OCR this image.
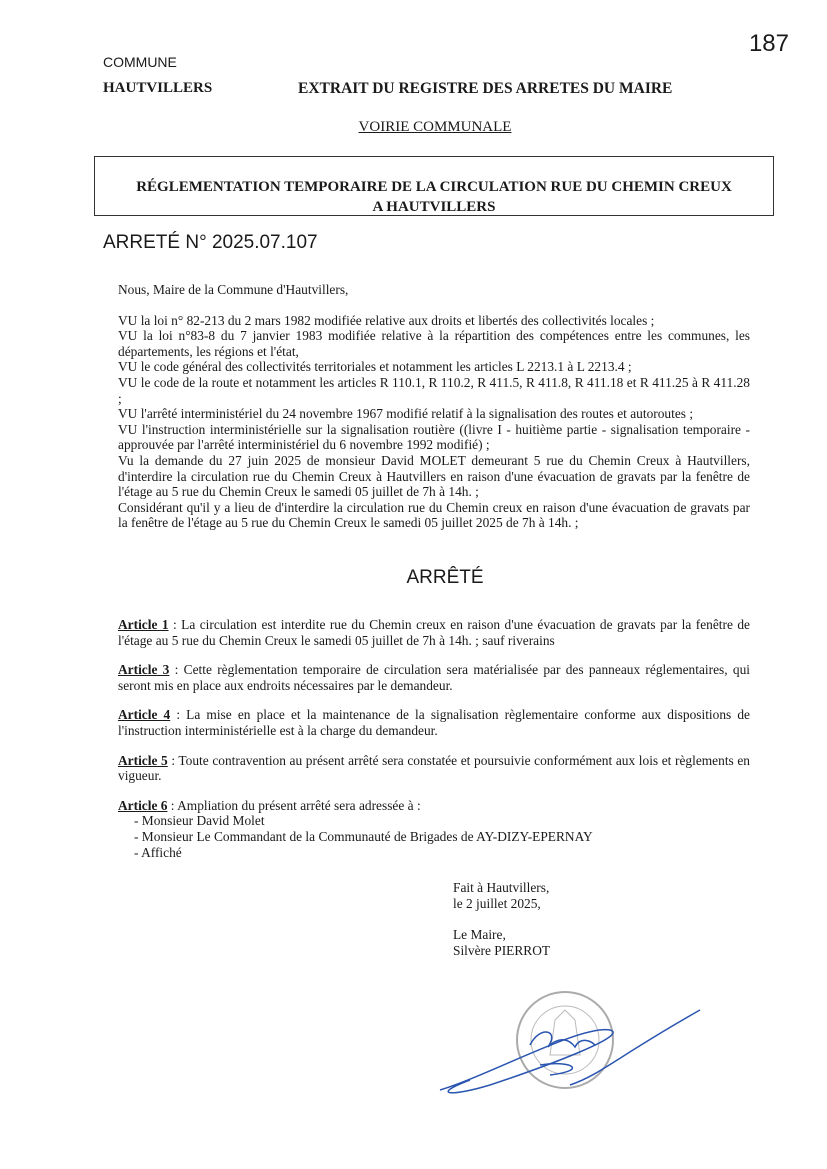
187
COMMUNE
HAUTVILLERS	EXTRAIT DU REGISTRE DES ARRETES DU MAIRE
VOIRIE COMMUNALE
RÉGLEMENTATION TEMPORAIRE DE LA CIRCULATION RUE DU CHEMIN CREUX
A HAUTVILLERS
ARRETÉ N° 2025.07.107

Nous, Maire de la Commune d'Hautvillers,

VU la loi n° 82-213 du 2 mars 1982 modifiée relative aux droits et libertés des collectivités locales ;

VU la loi n°83-8 du 7 janvier 1983 modifiée relative à la répartition des compétences entre les communes, les départements, les régions et l'état,

VU le code général des collectivités territoriales et notamment les articles L 2213.1 à L 2213.4 ;

VU le code de la route et notamment les articles R 110.1, R 110.2, R 411.5, R 411.8, R 411.18 et R 411.25 à R 411.28 ;

VU l'arrêté interministériel du 24 novembre 1967 modifié relatif à la signalisation des routes et autoroutes ;

VU l'instruction interministérielle sur la signalisation routière ((livre I - huitième partie - signalisation temporaire - approuvée par l'arrêté interministériel du 6 novembre 1992 modifié) ;

Vu la demande du 27 juin 2025 de monsieur David MOLET demeurant 5 rue du Chemin Creux à Hautvillers, d'interdire la circulation rue du Chemin Creux à Hautvillers en raison d'une évacuation de gravats par la fenêtre de l'étage au 5 rue du Chemin Creux le samedi 05 juillet de 7h à 14h. ;

Considérant qu'il y a lieu de d'interdire la circulation rue du Chemin creux en raison d'une évacuation de gravats par la fenêtre de l'étage au 5 rue du Chemin Creux le samedi 05 juillet 2025 de 7h à 14h. ;

ARRÊTÉ

Article 1 : La circulation est interdite rue du Chemin creux en raison d'une évacuation de gravats par la fenêtre de l'étage au 5 rue du Chemin Creux le samedi 05 juillet de 7h à 14h. ; sauf riverains

Article 3 : Cette règlementation temporaire de circulation sera matérialisée par des panneaux réglementaires, qui seront mis en place aux endroits nécessaires par le demandeur.

Article 4 : La mise en place et la maintenance de la signalisation règlementaire conforme aux dispositions de l'instruction interministérielle est à la charge du demandeur.

Article 5 : Toute contravention au présent arrêté sera constatée et poursuivie conformément aux lois et règlements en vigueur.

Article 6 : Ampliation du présent arrêté sera adressée à :

- Monsieur David Molet
- Monsieur Le Commandant de la Communauté de Brigades de AY-DIZY-EPERNAY
- Affiché
Fait à Hautvillers,
le 2 juillet 2025,
Le Maire,
Silvère PIERROT
